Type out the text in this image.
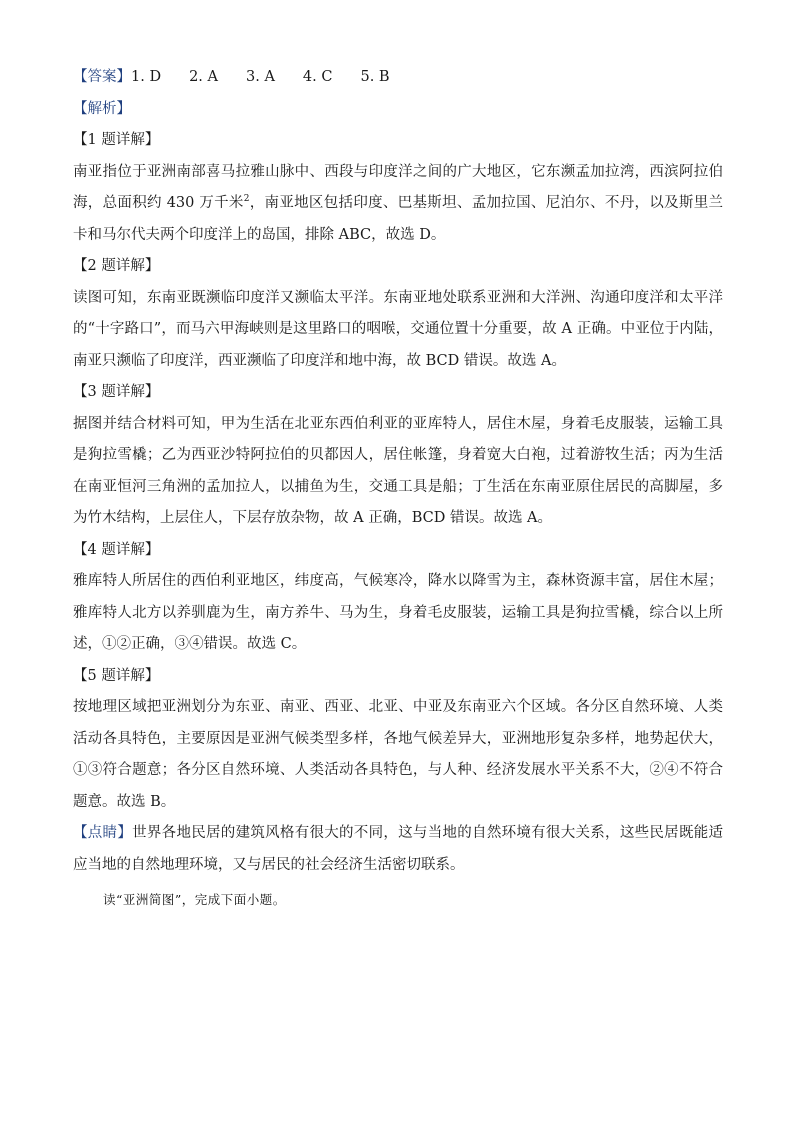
【答案】1. D 2. A 3. A 4. C 5. B
【解析】
【1 题详解】
南亚指位于亚洲南部喜马拉雅山脉中、西段与印度洋之间的广大地区，它东濒孟加拉湾，西滨阿拉伯海，总面积约 430 万千米$^2$，南亚地区包括印度、巴基斯坦、孟加拉国、尼泊尔、不丹，以及斯里兰卡和马尔代夫两个印度洋上的岛国，排除 ABC，故选 D。
【2 题详解】
读图可知，东南亚既濒临印度洋又濒临太平洋。东南亚地处联系亚洲和大洋洲、沟通印度洋和太平洋的“十字路口”，而马六甲海峡则是这里路口的咽喉，交通位置十分重要，故 A 正确。中亚位于内陆，南亚只濒临了印度洋，西亚濒临了印度洋和地中海，故 BCD 错误。故选 A。
【3 题详解】
据图并结合材料可知，甲为生活在北亚东西伯利亚的亚库特人，居住木屋，身着毛皮服装，运输工具是狗拉雪橇；乙为西亚沙特阿拉伯的贝都因人，居住帐篷，身着宽大白袍，过着游牧生活；丙为生活在南亚恒河三角洲的孟加拉人，以捕鱼为生，交通工具是船；丁生活在东南亚原住居民的高脚屋，多为竹木结构，上层住人，下层存放杂物，故 A 正确，BCD 错误。故选 A。
【4 题详解】
雅库特人所居住的西伯利亚地区，纬度高，气候寒冷，降水以降雪为主，森林资源丰富，居住木屋；雅库特人北方以养驯鹿为生，南方养牛、马为生，身着毛皮服装，运输工具是狗拉雪橇，综合以上所述，①②正确，③④错误。故选 C。
【5 题详解】
按地理区域把亚洲划分为东亚、南亚、西亚、北亚、中亚及东南亚六个区域。各分区自然环境、人类活动各具特色，主要原因是亚洲气候类型多样，各地气候差异大，亚洲地形复杂多样，地势起伏大，①③符合题意；各分区自然环境、人类活动各具特色，与人种、经济发展水平关系不大，②④不符合题意。故选 B。
【点睛】世界各地民居的建筑风格有很大的不同，这与当地的自然环境有很大关系，这些民居既能适应当地的自然地理环境，又与居民的社会经济生活密切联系。
读“亚洲简图”，完成下面小题。
